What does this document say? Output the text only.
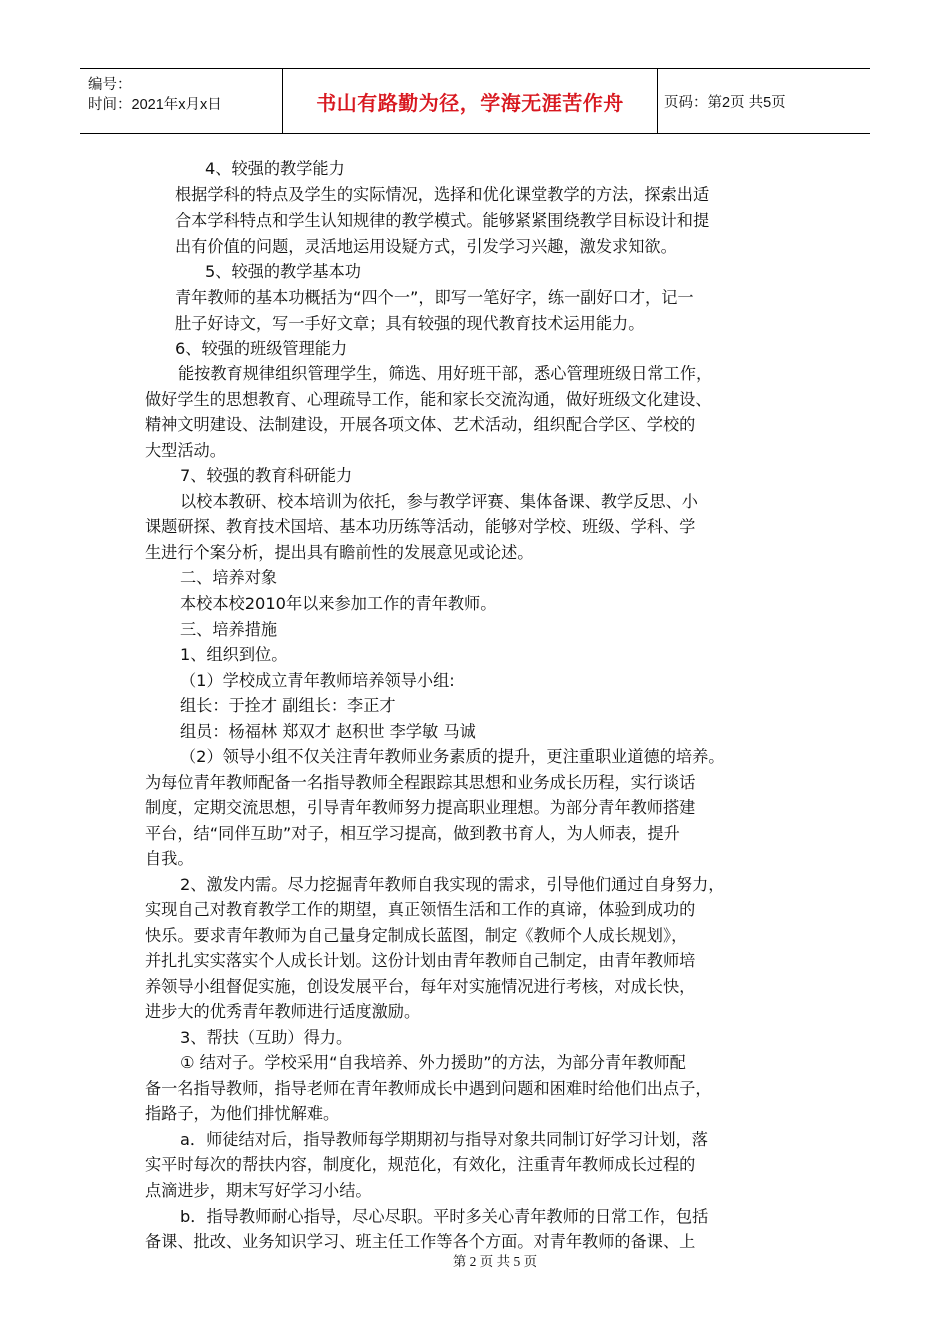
编号：
时间：2021年x月x日	书山有路勤为径，学海无涯苦作舟	页码：第2页 共5页
4、较强的教学能力
根据学科的特点及学生的实际情况，选择和优化课堂教学的方法，探索出适
合本学科特点和学生认知规律的教学模式。能够紧紧围绕教学目标设计和提
出有价值的问题，灵活地运用设疑方式，引发学习兴趣，激发求知欲。
5、较强的教学基本功
青年教师的基本功概括为“四个一”，即写一笔好字，练一副好口才，记一
肚子好诗文，写一手好文章；具有较强的现代教育技术运用能力。
6、较强的班级管理能力
能按教育规律组织管理学生，筛选、用好班干部，悉心管理班级日常工作，
做好学生的思想教育、心理疏导工作，能和家长交流沟通，做好班级文化建设、
精神文明建设、法制建设，开展各项文体、艺术活动，组织配合学区、学校的
大型活动。
7、较强的教育科研能力
以校本教研、校本培训为依托，参与教学评赛、集体备课、教学反思、小
课题研探、教育技术国培、基本功历练等活动，能够对学校、班级、学科、学
生进行个案分析，提出具有瞻前性的发展意见或论述。
二、培养对象
本校本校2010年以来参加工作的青年教师。
三、培养措施
1、组织到位。
（1）学校成立青年教师培养领导小组:
组长：于拴才 副组长：李正才
组员：杨福林 郑双才 赵积世 李学敏 马诚
（2）领导小组不仅关注青年教师业务素质的提升，更注重职业道德的培养。
为每位青年教师配备一名指导教师全程跟踪其思想和业务成长历程，实行谈话
制度，定期交流思想，引导青年教师努力提高职业理想。为部分青年教师搭建
平台，结“同伴互助”对子，相互学习提高，做到教书育人，为人师表，提升
自我。
2、激发内需。尽力挖掘青年教师自我实现的需求，引导他们通过自身努力，
实现自己对教育教学工作的期望，真正领悟生活和工作的真谛，体验到成功的
快乐。要求青年教师为自己量身定制成长蓝图，制定《教师个人成长规划》，
并扎扎实实落实个人成长计划。这份计划由青年教师自己制定，由青年教师培
养领导小组督促实施，创设发展平台，每年对实施情况进行考核，对成长快，
进步大的优秀青年教师进行适度激励。
3、帮扶（互助）得力。
① 结对子。学校采用“自我培养、外力援助”的方法，为部分青年教师配
备一名指导教师，指导老师在青年教师成长中遇到问题和困难时给他们出点子，
指路子，为他们排忧解难。
a．师徒结对后，指导教师每学期期初与指导对象共同制订好学习计划，落
实平时每次的帮扶内容，制度化，规范化，有效化，注重青年教师成长过程的
点滴进步，期末写好学习小结。
b．指导教师耐心指导，尽心尽职。平时多关心青年教师的日常工作，包括
备课、批改、业务知识学习、班主任工作等各个方面。对青年教师的备课、上
第 2 页 共 5 页
